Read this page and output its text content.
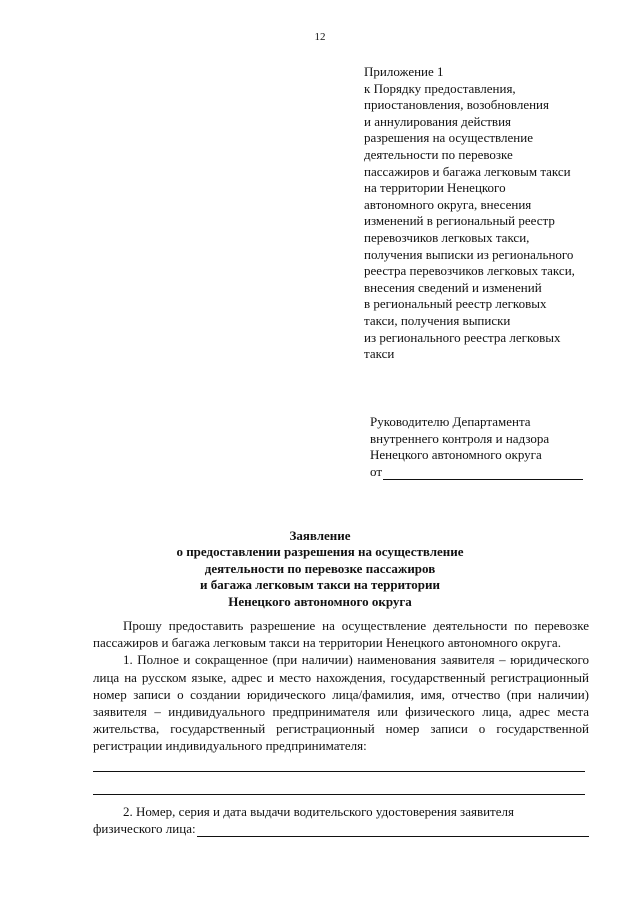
12
Приложение 1
к Порядку предоставления,
приостановления, возобновления
и аннулирования действия
разрешения на осуществление
деятельности по перевозке
пассажиров и багажа легковым такси
на территории Ненецкого
автономного округа, внесения
изменений в региональный реестр
перевозчиков легковых такси,
получения выписки из регионального
реестра перевозчиков легковых такси,
внесения сведений и изменений
в региональный реестр легковых
такси, получения выписки
из регионального реестра легковых
такси
Руководителю Департамента
внутреннего контроля и надзора
Ненецкого автономного округа
от
Заявление
о предоставлении разрешения на осуществление
деятельности по перевозке пассажиров
и багажа легковым такси на территории
Ненецкого автономного округа

Прошу предоставить разрешение на осуществление деятельности по перевозке пассажиров и багажа легковым такси на территории Ненецкого автономного округа.

1. Полное и сокращенное (при наличии) наименования заявителя – юридического лица на русском языке, адрес и место нахождения, государственный регистрационный номер записи о создании юридического лица/фамилия, имя, отчество (при наличии) заявителя – индивидуального предпринимателя или физического лица, адрес места жительства, государственный регистрационный номер записи о государственной регистрации индивидуального предпринимателя:

2. Номер, серия и дата выдачи водительского удостоверения заявителя

физического лица:
